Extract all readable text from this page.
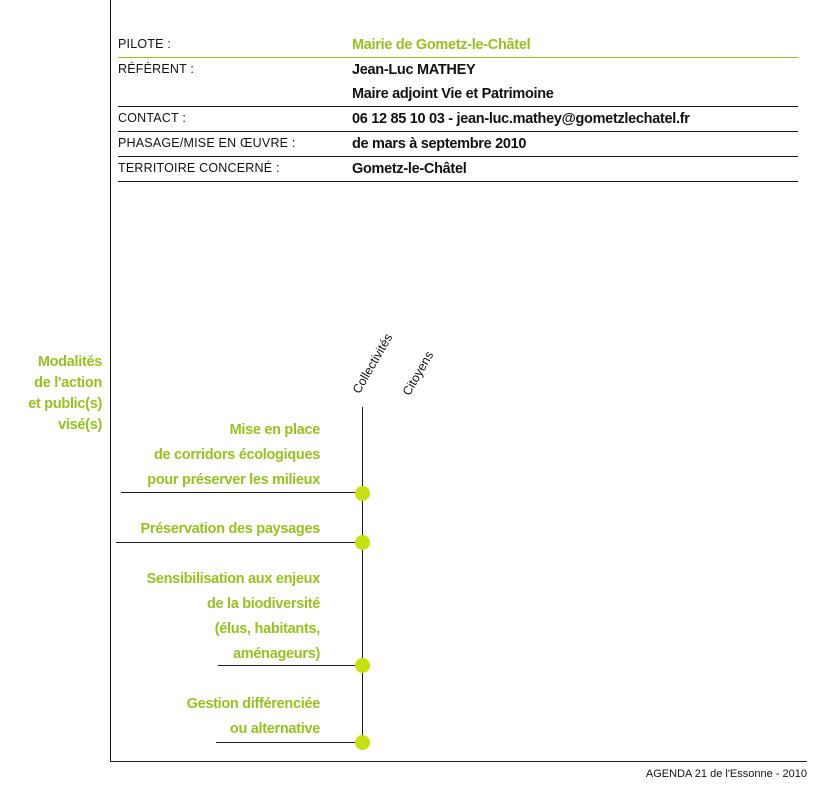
PILOTE :	Mairie de Gometz-le-Châtel
RÉFÉRENT :	Jean-Luc MATHEY
Maire adjoint Vie et Patrimoine
CONTACT :	06 12 85 10 03 - jean-luc.mathey@gometzlechatel.fr
PHASAGE/MISE EN ŒUVRE :	de mars à septembre 2010
TERRITOIRE CONCERNÉ :	Gometz-le-Châtel
Modalités
de l'action
et public(s)
visé(s)
Collectivités Citoyens
Mise en place
de corridors écologiques
pour préserver les milieux
Préservation des paysages
Sensibilisation aux enjeux
de la biodiversité
(élus, habitants,
aménageurs)
Gestion différenciée
ou alternative
AGENDA 21 de l'Essonne - 2010
